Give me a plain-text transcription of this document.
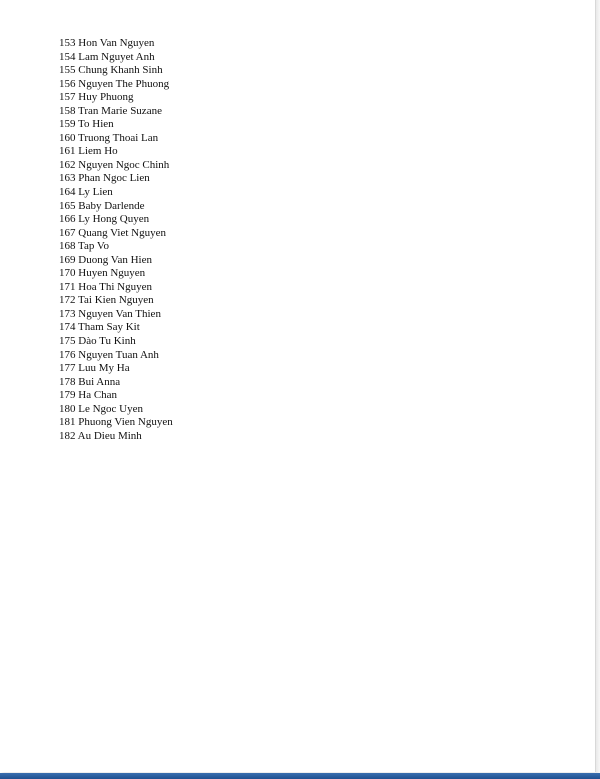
153 Hon Van Nguyen
154 Lam Nguyet Anh
155 Chung Khanh Sinh
156 Nguyen The Phuong
157 Huy Phuong
158 Tran Marie Suzane
159 To Hien
160 Truong Thoai Lan
161 Liem Ho
162 Nguyen Ngoc Chinh
163 Phan Ngoc Lien
164 Ly Lien
165 Baby Darlende
166 Ly Hong Quyen
167 Quang Viet Nguyen
168 Tap Vo
169 Duong Van Hien
170 Huyen Nguyen
171 Hoa Thi Nguyen
172 Tai Kien Nguyen
173 Nguyen Van Thien
174 Tham Say Kit
175 Dào Tu Kinh
176 Nguyen Tuan Anh
177 Luu My Ha
178 Bui Anna
179 Ha Chan
180 Le Ngoc Uyen
181 Phuong Vien Nguyen
182 Au Dieu Minh
